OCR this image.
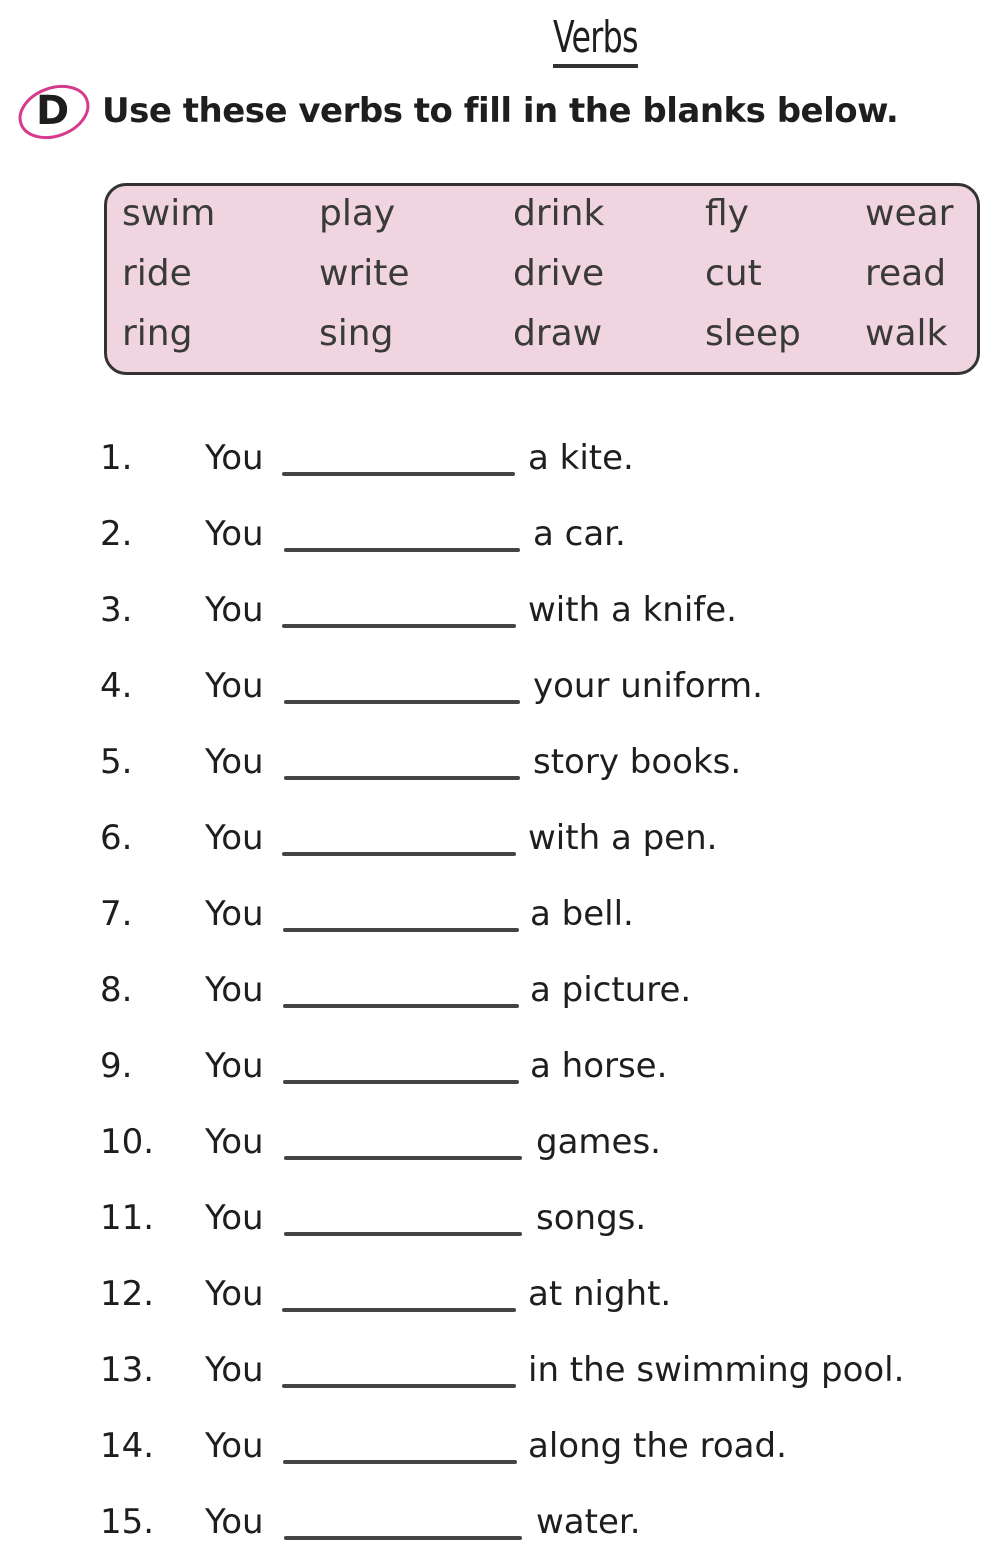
Verbs
D Use these verbs to fill in the blanks below.
swim	play	drink	fly	wear
ride	write	drive	cut	read
ring	sing	draw	sleep walk
1. You	a kite.
2. You	a car.
3. You	with a knife.
4. You	your uniform.
5. You	story books.
6. You	with a pen.
7. You	a bell.
8. You	a picture.
9. You	a horse.
10. You	games.
11. You	songs.
12. You	at night.
13. You	in the swimming pool.
14. You	along the road.
15. You	water.
